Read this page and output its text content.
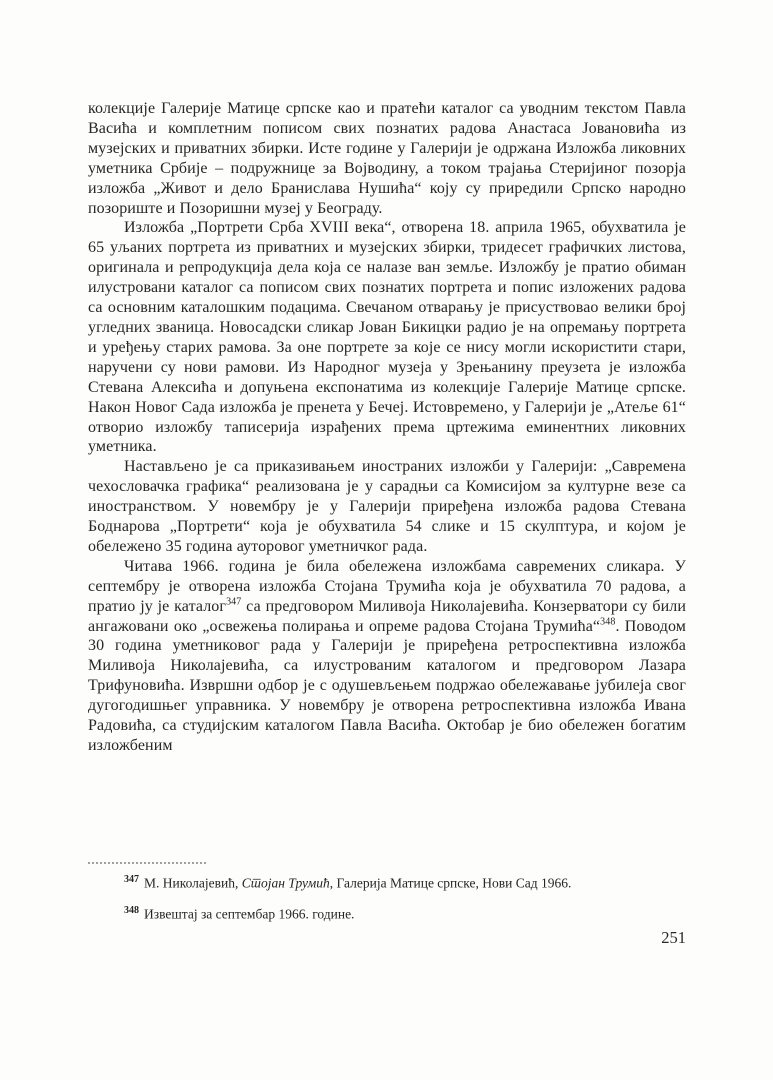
колекције Галерије Матице српске као и пратећи каталог са уводним текстом Павла Васића и комплетним пописом свих познатих радова Анастаса Јовановића из музејских и приватних збирки. Исте године у Галерији је одржана Изложба ликовних уметника Србије – подружнице за Војводину, а током трајања Стеријиног позорја изложба „Живот и дело Бранислава Нушића“ коју су приредили Српско народно позориште и Позоришни музеј у Београду.

Изложба „Портрети Срба XVIII века“, отворена 18. априла 1965, обухватила је 65 уљаних портрета из приватних и музејских збирки, тридесет графичких листова, оригинала и репродукција дела која се налазе ван земље. Изложбу је пратио обиман илустровани каталог са пописом свих познатих портрета и попис изложених радова са основним каталошким подацима. Свечаном отварању је присуствовао велики број угледних званица. Новосадски сликар Јован Бикицки радио је на опремању портрета и уређењу старих рамова. За оне портрете за које се нису могли искористити стари, наручени су нови рамови. Из Народног музеја у Зрењанину преузета је изложба Стевана Алексића и допуњена експонатима из колекције Галерије Матице српске. Након Новог Сада изложба је пренета у Бечеј. Истовремено, у Галерији је „Атеље 61“ отворио изложбу таписерија израђених према цртежима еминентних ликовних уметника.

Настављено је са приказивањем иностраних изложби у Галерији: „Савремена чехословачка графика“ реализована је у сарадњи са Комисијом за културне везе са иностранством. У новембру је у Галерији приређена изложба радова Стевана Боднарова „Портрети“ која је обухватила 54 слике и 15 скулптура, и којом је обележено 35 година ауторовог уметничког рада.

Читава 1966. година је била обележена изложбама савремених сликара. У септембру је отворена изложба Стојана Трумића која је обухватила 70 радова, а пратио ју је каталог$^{347}$ са предговором Миливоја Николајевића. Конзерватори су били ангажовани око „освежења полирања и опреме радова Стојана Трумића“$^{348}$. Поводом 30 година уметниковог рада у Галерији је приређена ретроспективна изложба Миливоја Николајевића, са илустрованим каталогом и предговором Лазара Трифуновића. Извршни одбор је с одушевљењем подржао обележавање јубилеја свог дугогодишњег управника. У новембру је отворена ретроспективна изложба Ивана Радовића, са студијским каталогом Павла Васића. Октобар је био обележен богатим изложбеним

$^{347}$ М. Николајевић, Стојан Трумић, Галерија Матице српске, Нови Сад 1966.
$^{348}$ Извештај за септембар 1966. године.
251
